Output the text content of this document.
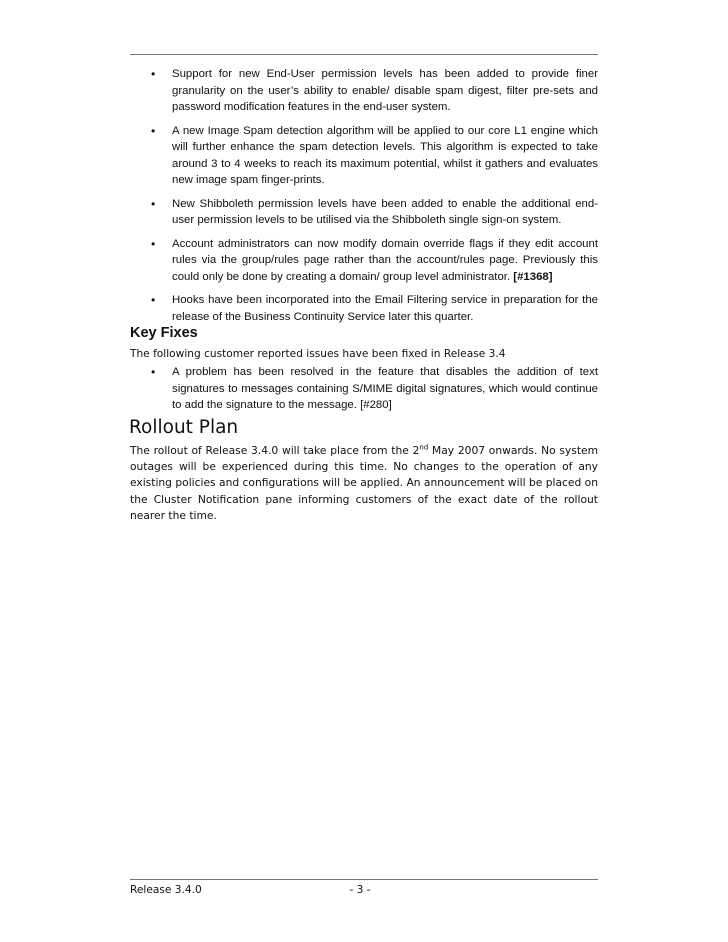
• Support for new End-User permission levels has been added to provide finer granularity on the user’s ability to enable/ disable spam digest, filter pre-sets and password modification features in the end-user system.
• A new Image Spam detection algorithm will be applied to our core L1 engine which will further enhance the spam detection levels. This algorithm is expected to take around 3 to 4 weeks to reach its maximum potential, whilst it gathers and evaluates new image spam finger-prints.
• New Shibboleth permission levels have been added to enable the additional end-user permission levels to be utilised via the Shibboleth single sign-on system.
• Account administrators can now modify domain override flags if they edit account rules via the group/rules page rather than the account/rules page. Previously this could only be done by creating a domain/ group level administrator. [#1368]
• Hooks have been incorporated into the Email Filtering service in preparation for the release of the Business Continuity Service later this quarter.
Key Fixes

The following customer reported issues have been fixed in Release 3.4

• A problem has been resolved in the feature that disables the addition of text signatures to messages containing S/MIME digital signatures, which would continue to add the signature to the message. [#280]
Rollout Plan

The rollout of Release 3.4.0 will take place from the 2nd May 2007 onwards. No system outages will be experienced during this time. No changes to the operation of any existing policies and configurations will be applied. An announcement will be placed on the Cluster Notification pane informing customers of the exact date of the rollout nearer the time.

Release 3.4.0	- 3 -
